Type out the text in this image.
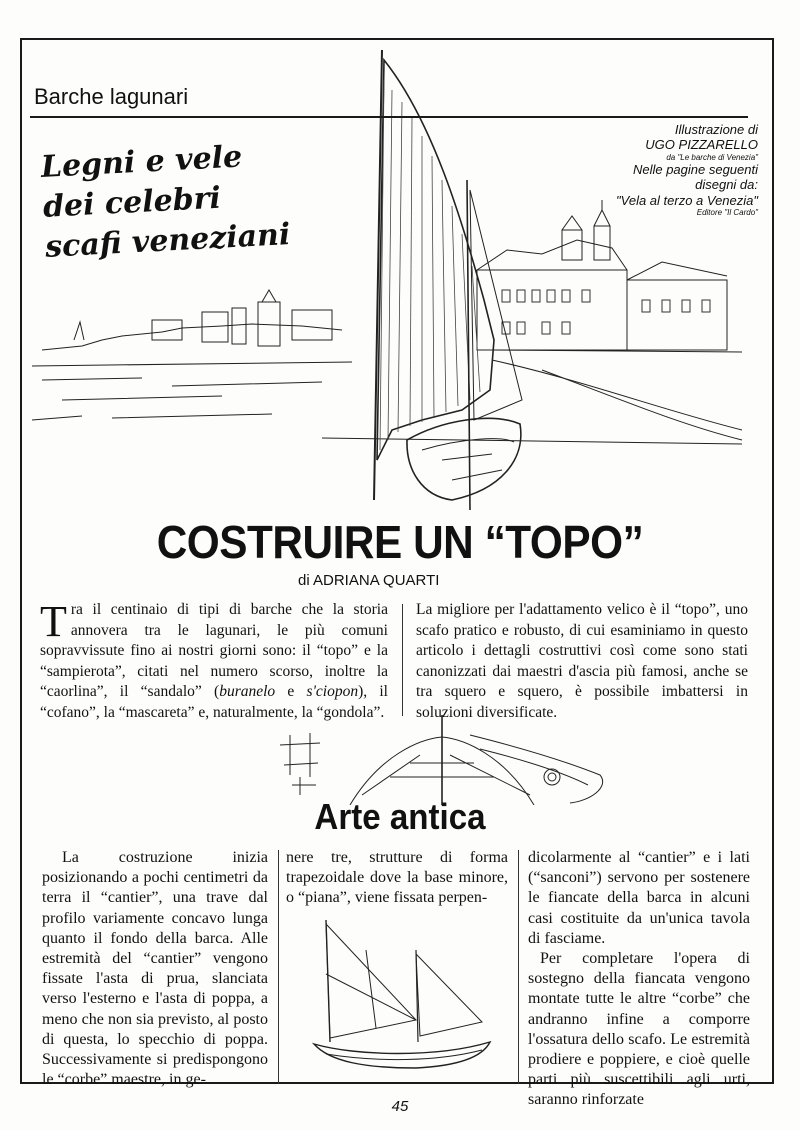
Barche lagunari
Legni e vele
dei celebri
scafi veneziani
Illustrazione di
UGO PIZZARELLO
da "Le barche di Venezia"
Nelle pagine seguenti
disegni da:
"Vela al terzo a Venezia"
Editore "Il Cardo"
COSTRUIRE UN “TOPO”
di ADRIANA QUARTI
Tra il centinaio di tipi di barche che la storia annovera tra le lagunari, le più comuni sopravvissute fino ai nostri giorni sono: il “topo” e la “sampierota”, citati nel numero scorso, inoltre la “caorlina”, il “sandalo” (buranelo e s'ciopon), il “cofano”, la “mascareta” e, naturalmente, la “gondola”.
La migliore per l'adattamento velico è il “topo”, uno scafo pratico e robusto, di cui esaminiamo in questo articolo i dettagli costruttivi così come sono stati canonizzati dai maestri d'ascia più famosi, anche se tra squero e squero, è possibile imbattersi in soluzioni diversificate.
Arte antica
La costruzione inizia posizionando a pochi centimetri da terra il “cantier”, una trave dal profilo variamente concavo lunga quanto il fondo della barca. Alle estremità del “cantier” vengono fissate l'asta di prua, slanciata verso l'esterno e l'asta di poppa, a meno che non sia previsto, al posto di questa, lo specchio di poppa. Successivamente si predispongono le “corbe” maestre, in ge-
nere tre, strutture di forma trapezoidale dove la base minore, o “piana”, viene fissata perpen-

dicolarmente al “cantier” e i lati (“sanconi”) servono per sostenere le fiancate della barca in alcuni casi costituite da un'unica tavola di fasciame.

Per completare l'opera di sostegno della fiancata vengono montate tutte le altre “corbe” che andranno infine a comporre l'ossatura dello scafo. Le estremità prodiere e poppiere, e cioè quelle parti più suscettibili agli urti, saranno rinforzate

45
